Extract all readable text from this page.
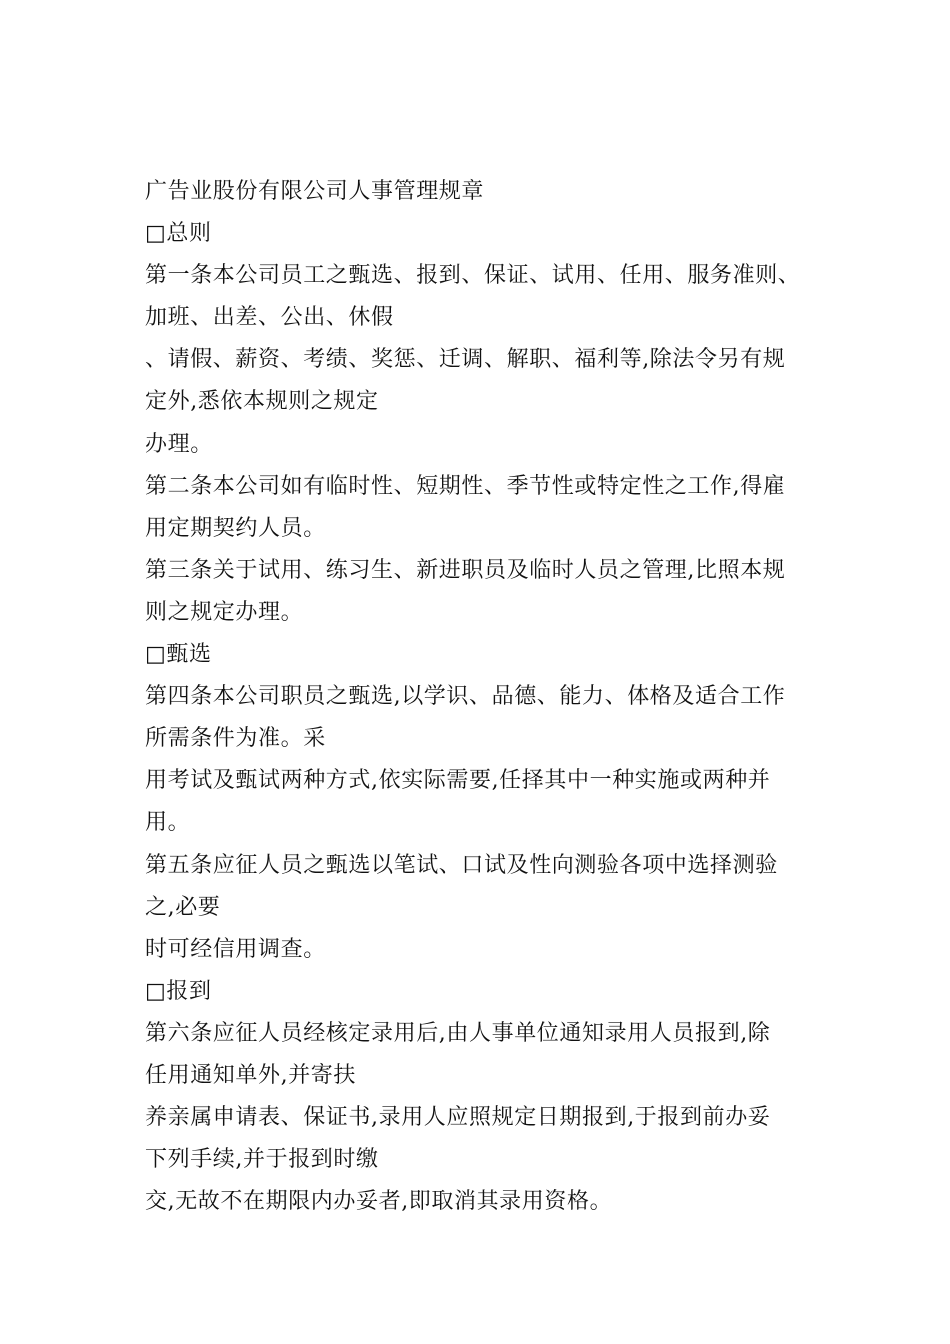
广告业股份有限公司人事管理规章
□总则
第一条本公司员工之甄选、报到、保证、试用、任用、服务准则、
加班、出差、公出、休假
、请假、薪资、考绩、奖惩、迁调、解职、福利等,除法令另有规
定外,悉依本规则之规定
办理。
第二条本公司如有临时性、短期性、季节性或特定性之工作,得雇
用定期契约人员。
第三条关于试用、练习生、新进职员及临时人员之管理,比照本规
则之规定办理。
□甄选
第四条本公司职员之甄选,以学识、品德、能力、体格及适合工作
所需条件为准。采
用考试及甄试两种方式,依实际需要,任择其中一种实施或两种并
用。
第五条应征人员之甄选以笔试、口试及性向测验各项中选择测验
之,必要
时可经信用调查。
□报到
第六条应征人员经核定录用后,由人事单位通知录用人员报到,除
任用通知单外,并寄扶
养亲属申请表、保证书,录用人应照规定日期报到,于报到前办妥
下列手续,并于报到时缴
交,无故不在期限内办妥者,即取消其录用资格。
